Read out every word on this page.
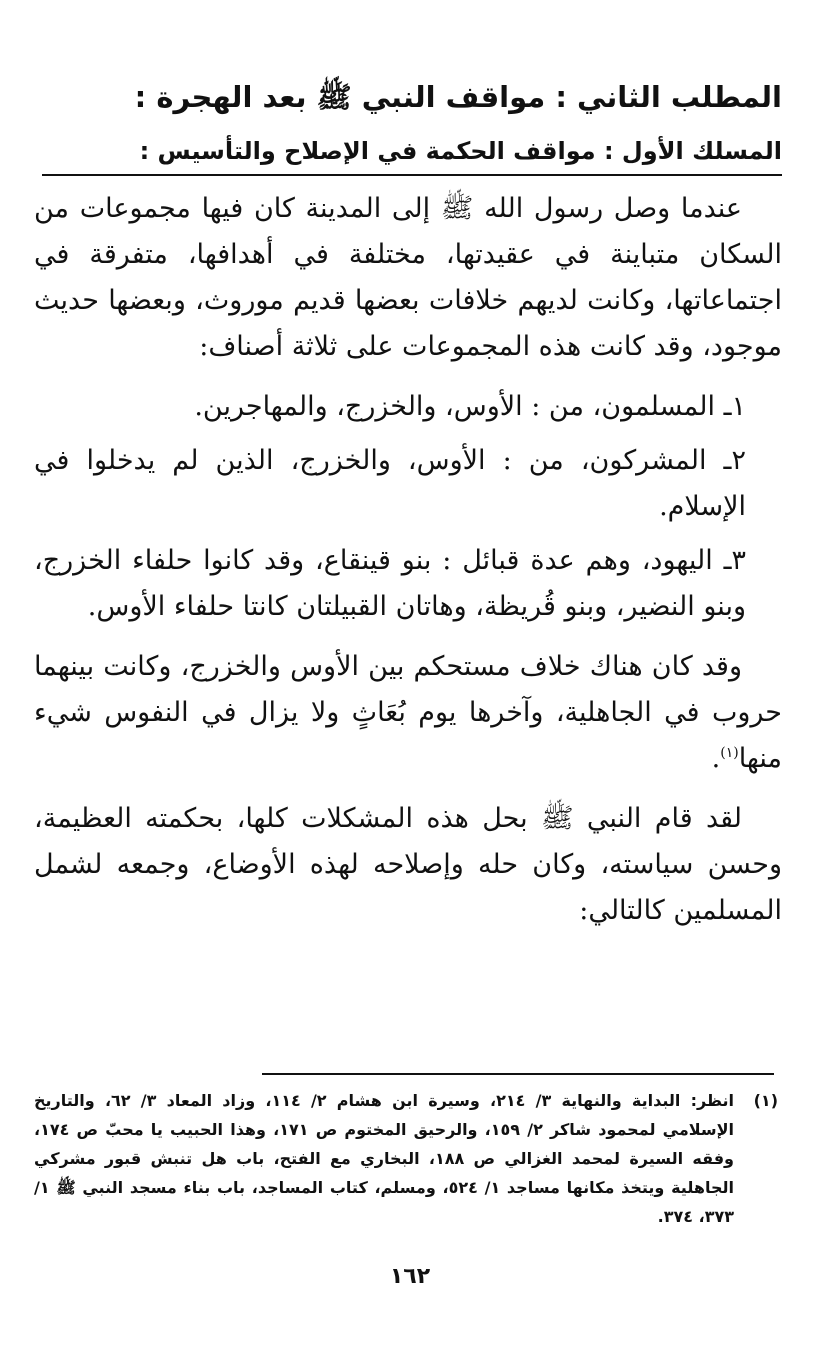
المطلب الثاني : مواقف النبي ﷺ بعد الهجرة :
المسلك الأول : مواقف الحكمة في الإصلاح والتأسيس :

عندما وصل رسول الله ﷺ إلى المدينة كان فيها مجموعات من السكان متباينة في عقيدتها، مختلفة في أهدافها، متفرقة في اجتماعاتها، وكانت لديهم خلافات بعضها قديم موروث، وبعضها حديث موجود، وقد كانت هذه المجموعات على ثلاثة أصناف:

١ـ المسلمون، من : الأوس، والخزرج، والمهاجرين.

٢ـ المشركون، من : الأوس، والخزرج، الذين لم يدخلوا في الإسلام.

٣ـ اليهود، وهم عدة قبائل : بنو قينقاع، وقد كانوا حلفاء الخزرج، وبنو النضير، وبنو قُريظة، وهاتان القبيلتان كانتا حلفاء الأوس.

وقد كان هناك خلاف مستحكم بين الأوس والخزرج، وكانت بينهما حروب في الجاهلية، وآخرها يوم بُعَاثٍ ولا يزال في النفوس شيء منها$^{(١)}$.

لقد قام النبي ﷺ بحل هذه المشكلات كلها، بحكمته العظيمة، وحسن سياسته، وكان حله وإصلاحه لهذه الأوضاع، وجمعه لشمل المسلمين كالتالي:

(١)
انظر: البداية والنهاية ٣/ ٢١٤، وسيرة ابن هشام ٢/ ١١٤، وزاد المعاد ٣/ ٦٢، والتاريخ الإسلامي لمحمود شاكر ٢/ ١٥٩، والرحيق المختوم ص ١٧١، وهذا الحبيب يا محبّ ص ١٧٤، وفقه السيرة لمحمد الغزالي ص ١٨٨، البخاري مع الفتح، باب هل تنبش قبور مشركي الجاهلية ويتخذ مكانها مساجد ١/ ٥٢٤، ومسلم، كتاب المساجد، باب بناء مسجد النبي ﷺ ١/ ٣٧٣، ٣٧٤.
١٦٢
